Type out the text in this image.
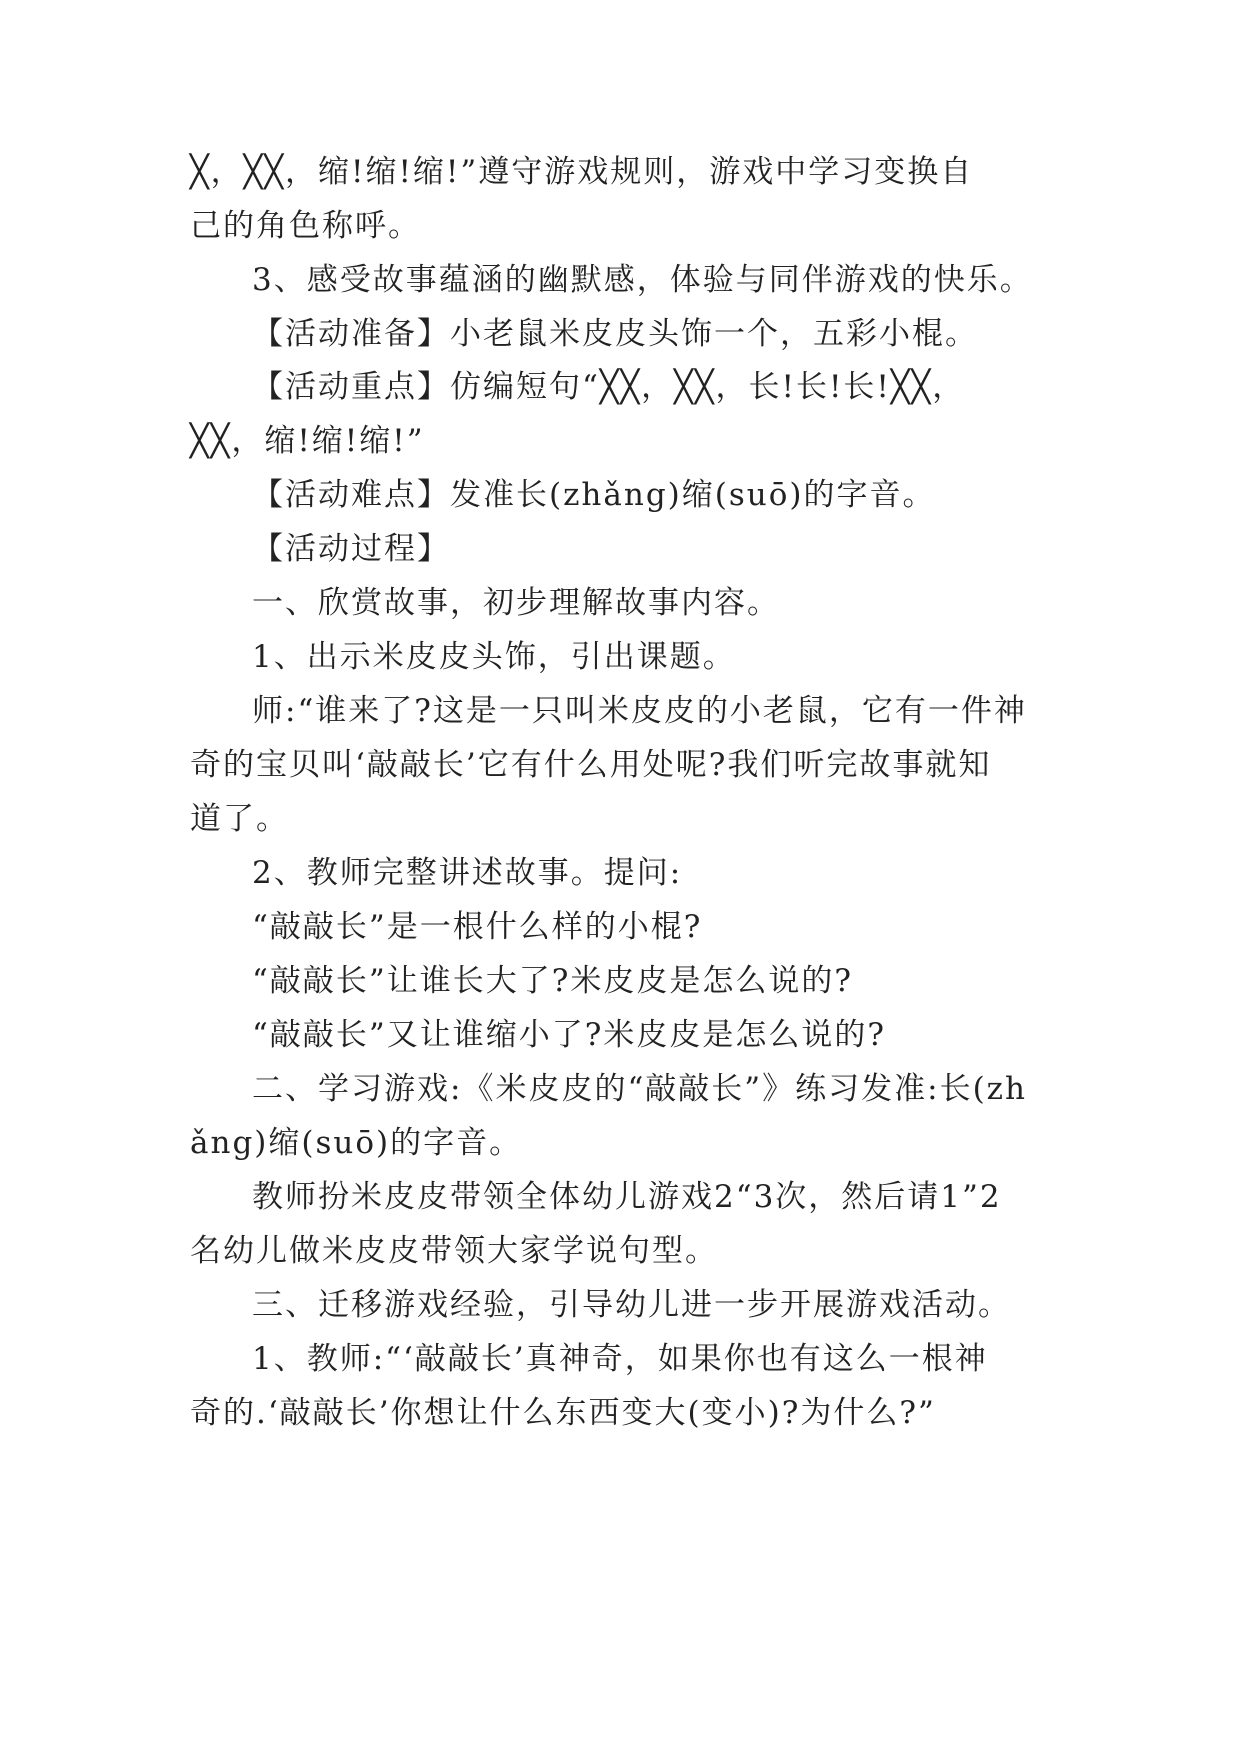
╳，╳╳，缩!缩!缩!”遵守游戏规则，游戏中学习变换自
己的角色称呼。
3、感受故事蕴涵的幽默感，体验与同伴游戏的快乐。
【活动准备】小老鼠米皮皮头饰一个，五彩小棍。
【活动重点】仿编短句“╳╳，╳╳，长!长!长!╳╳，
╳╳，缩!缩!缩!”
【活动难点】发准长(zhǎng)缩(suō)的字音。
【活动过程】
一、欣赏故事，初步理解故事内容。
1、出示米皮皮头饰，引出课题。
师:“谁来了?这是一只叫米皮皮的小老鼠，它有一件神
奇的宝贝叫‘敲敲长’它有什么用处呢?我们听完故事就知
道了。
2、教师完整讲述故事。提问:
“敲敲长”是一根什么样的小棍?
“敲敲长”让谁长大了?米皮皮是怎么说的?
“敲敲长”又让谁缩小了?米皮皮是怎么说的?
二、学习游戏:《米皮皮的“敲敲长”》练习发准:长(zh
ǎng)缩(suō)的字音。
教师扮米皮皮带领全体幼儿游戏2“3次，然后请1”2
名幼儿做米皮皮带领大家学说句型。
三、迁移游戏经验，引导幼儿进一步开展游戏活动。
1、教师:“‘敲敲长’真神奇，如果你也有这么一根神
奇的.‘敲敲长’你想让什么东西变大(变小)?为什么?”
